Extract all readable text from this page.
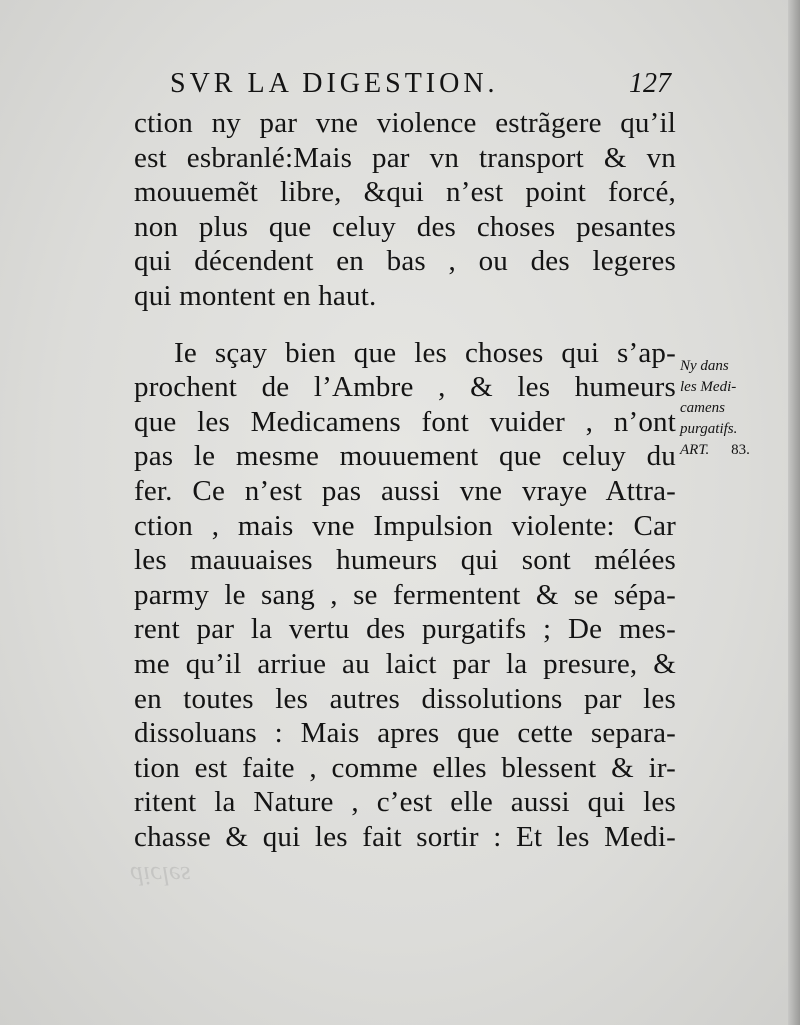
SVR LA DIGESTION.	127
ction ny par vne violence estrãgere qu’il
est esbranlé:Mais par vn transport & vn
mouuemẽt libre, &qui n’est point forcé,
non plus que celuy des choses pesantes
qui décendent en bas , ou des legeres
qui montent en haut.
Ie sçay bien que les choses qui s’ap-
prochent de l’Ambre , & les humeurs
que les Medicamens font vuider , n’ont
pas le mesme mouuement que celuy du
fer. Ce n’est pas aussi vne vraye Attra-
ction , mais vne Impulsion violente: Car
les mauuaises humeurs qui sont mélées
parmy le sang , se fermentent & se sépa-
rent par la vertu des purgatifs ; De mes-
me qu’il arriue au laict par la presure, &
en toutes les autres dissolutions par les
dissoluans : Mais apres que cette separa-
tion est faite , comme elles blessent & ir-
ritent la Nature , c’est elle aussi qui les
chasse & qui les fait sortir : Et les Medi-
Ny dans
les Medi-
camens
purgatifs.
ART. 83.
dicles
